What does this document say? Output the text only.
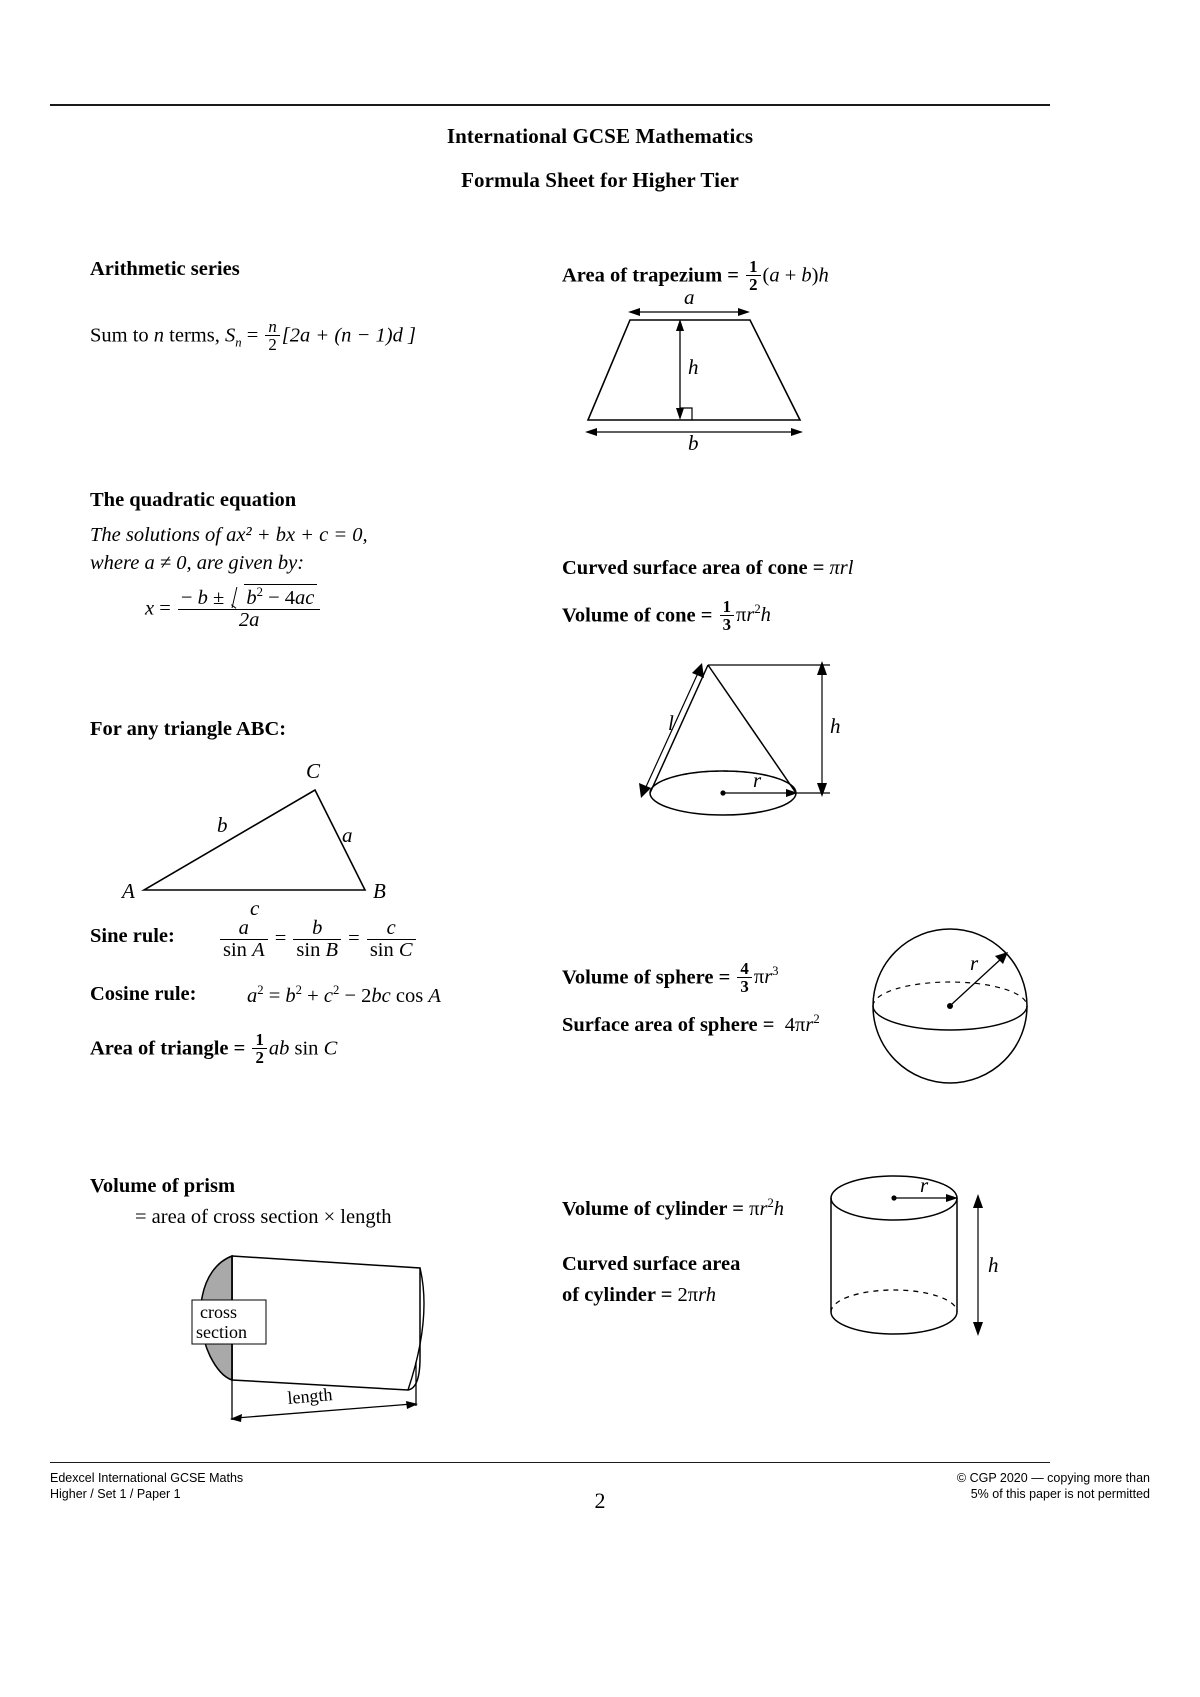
International GCSE Mathematics
Formula Sheet for Higher Tier
Arithmetic series
Sum to n terms, $S_n = \frac{n}{2} [2a + (n - 1)d$ ]
The quadratic equation
The solutions of ax² + bx + c = 0,
where a ≠ 0, are given by:
$x = \frac{- b \pm b^2 - 4ac}{2a}$
For any triangle ABC:
A	B
C
b	a
c
Sine rule: $\frac{a}{\text{sin A}} = \frac{b}{\text{sin B}} = \frac{c}{\text{sin C}}$
Cosine rule: $a^2 = b^2 + c^2 - 2bc$ cos A
Area of triangle = $\frac{1}{2}$ ab sin C
Volume of prism
= area of cross section × length
cross
section
length
Area of trapezium = $\frac{1}{2} (a + b)h$
a
h
b
Curved surface area of cone = πrl
Volume of cone = $\frac{1}{3} \pi r^2h$
l
r
h
Volume of sphere = $\frac{4}{3} \pi r^3$
Surface area of sphere =  $4\pi r^2$
r
Volume of cylinder = $\pi r^2h$
Curved surface area
of cylinder = 2πrh
r
h
Edexcel International GCSE Maths
Higher / Set 1 / Paper 1
© CGP 2020 — copying more than
5% of this paper is not permitted
2
